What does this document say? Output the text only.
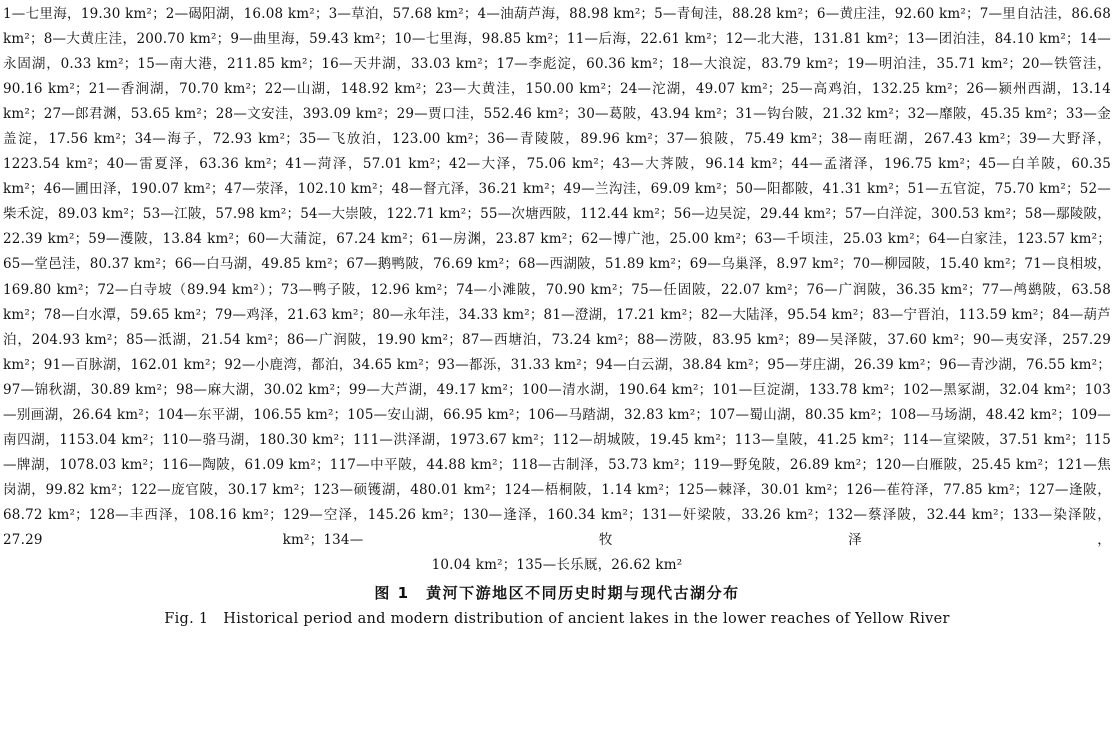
1—七里海，19.30 km²；2—碣阳湖，16.08 km²；3—草泊，57.68 km²；4—油葫芦海，88.98 km²；5—青甸洼，88.28 km²；6—黄庄洼，92.60 km²；7—里自沽洼，86.68 km²；8—大黄庄洼，200.70 km²；9—曲里海，59.43 km²；10—七里海，98.85 km²；11—后海，22.61 km²；12—北大港，131.81 km²；13—团泊洼，84.10 km²；14—永固湖，0.33 km²；15—南大港，211.85 km²；16—天井湖，33.03 km²；17—李彪淀，60.36 km²；18—大浪淀，83.79 km²；19—明泊洼，35.71 km²；20—铁管洼，90.16 km²；21—香涧湖，70.70 km²；22—山湖，148.92 km²；23—大黄洼，150.00 km²；24—沱湖，49.07 km²；25—高鸡泊，132.25 km²；26—颍州西湖，13.14 km²；27—郎君渊，53.65 km²；28—文安洼，393.09 km²；29—贾口洼，552.46 km²；30—葛陂，43.94 km²；31—钩台陂，21.32 km²；32—靡陂，45.35 km²；33—金盖淀，17.56 km²；34—海子，72.93 km²；35—飞放泊，123.00 km²；36—青陵陂，89.96 km²；37—狼陂，75.49 km²；38—南旺湖，267.43 km²；39—大野泽，1223.54 km²；40—雷夏泽，63.36 km²；41—菏泽，57.01 km²；42—大泽，75.06 km²；43—大荠陂，96.14 km²；44—孟渚泽，196.75 km²；45—白羊陂，60.35 km²；46—圃田泽，190.07 km²；47—荥泽，102.10 km²；48—督亢泽，36.21 km²；49—兰沟洼，69.09 km²；50—阳都陂，41.31 km²；51—五官淀，75.70 km²；52—柴禾淀，89.03 km²；53—江陂，57.98 km²；54—大崇陂，122.71 km²；55—次塘西陂，112.44 km²；56—边吴淀，29.44 km²；57—白洋淀，300.53 km²；58—鄢陵陂，22.39 km²；59—濩陂，13.84 km²；60—大蒲淀，67.24 km²；61—房渊，23.87 km²；62—博广池，25.00 km²；63—千顷洼，25.03 km²；64—白家洼，123.57 km²；65—堂邑洼，80.37 km²；66—白马湖，49.85 km²；67—鹅鸭陂，76.69 km²；68—西湖陂，51.89 km²；69—乌巢泽，8.97 km²；70—柳园陂，15.40 km²；71—良相坡，169.80 km²；72—白寺坡（89.94 km²）；73—鸭子陂，12.96 km²；74—小滩陂，70.90 km²；75—任固陂，22.07 km²；76—广润陂，36.35 km²；77—鸬鹚陂，63.58 km²；78—白水潭，59.65 km²；79—鸡泽，21.63 km²；80—永年洼，34.33 km²；81—澄湖，17.21 km²；82—大陆泽，95.54 km²；83—宁晋泊，113.59 km²；84—葫芦泊，204.93 km²；85—泜湖，21.54 km²；86—广润陂，19.90 km²；87—西塘泊，73.24 km²；88—涝陂，83.95 km²；89—吴泽陂，37.60 km²；90—夷安泽，257.29 km²；91—百脉湖，162.01 km²；92—小鹿湾，都泊，34.65 km²；93—都泺，31.33 km²；94—白云湖，38.84 km²；95—芽庄湖，26.39 km²；96—青沙湖，76.55 km²；97—锦秋湖，30.89 km²；98—麻大湖，30.02 km²；99—大芦湖，49.17 km²；100—清水湖，190.64 km²；101—巨淀湖，133.78 km²；102—黑冢湖，32.04 km²；103—别画湖，26.64 km²；104—东平湖，106.55 km²；105—安山湖，66.95 km²；106—马踏湖，32.83 km²；107—蜀山湖，80.35 km²；108—马场湖，48.42 km²；109—南四湖，1153.04 km²；110—骆马湖，180.30 km²；111—洪泽湖，1973.67 km²；112—胡城陂，19.45 km²；113—皇陂，41.25 km²；114—宣梁陂，37.51 km²；115—牌湖，1078.03 km²；116—陶陂，61.09 km²；117—中平陂，44.88 km²；118—古制泽，53.73 km²；119—野兔陂，26.89 km²；120—白雁陂，25.45 km²；121—焦岗湖，99.82 km²；122—庞官陂，30.17 km²；123—硕镬湖，480.01 km²；124—梧桐陂，1.14 km²；125—棘泽，30.01 km²；126—萑符泽，77.85 km²；127—逢陂，68.72 km²；128—丰西泽，108.16 km²；129—空泽，145.26 km²；130—逢泽，160.34 km²；131—奸梁陂，33.26 km²；132—蔡泽陂，32.44 km²；133—染泽陂，27.29 km²；134—牧泽，
10.04 km²；135—长乐厩，26.62 km²
图 1　黄河下游地区不同历史时期与现代古湖分布
Fig. 1　Historical period and modern distribution of ancient lakes in the lower reaches of Yellow River
